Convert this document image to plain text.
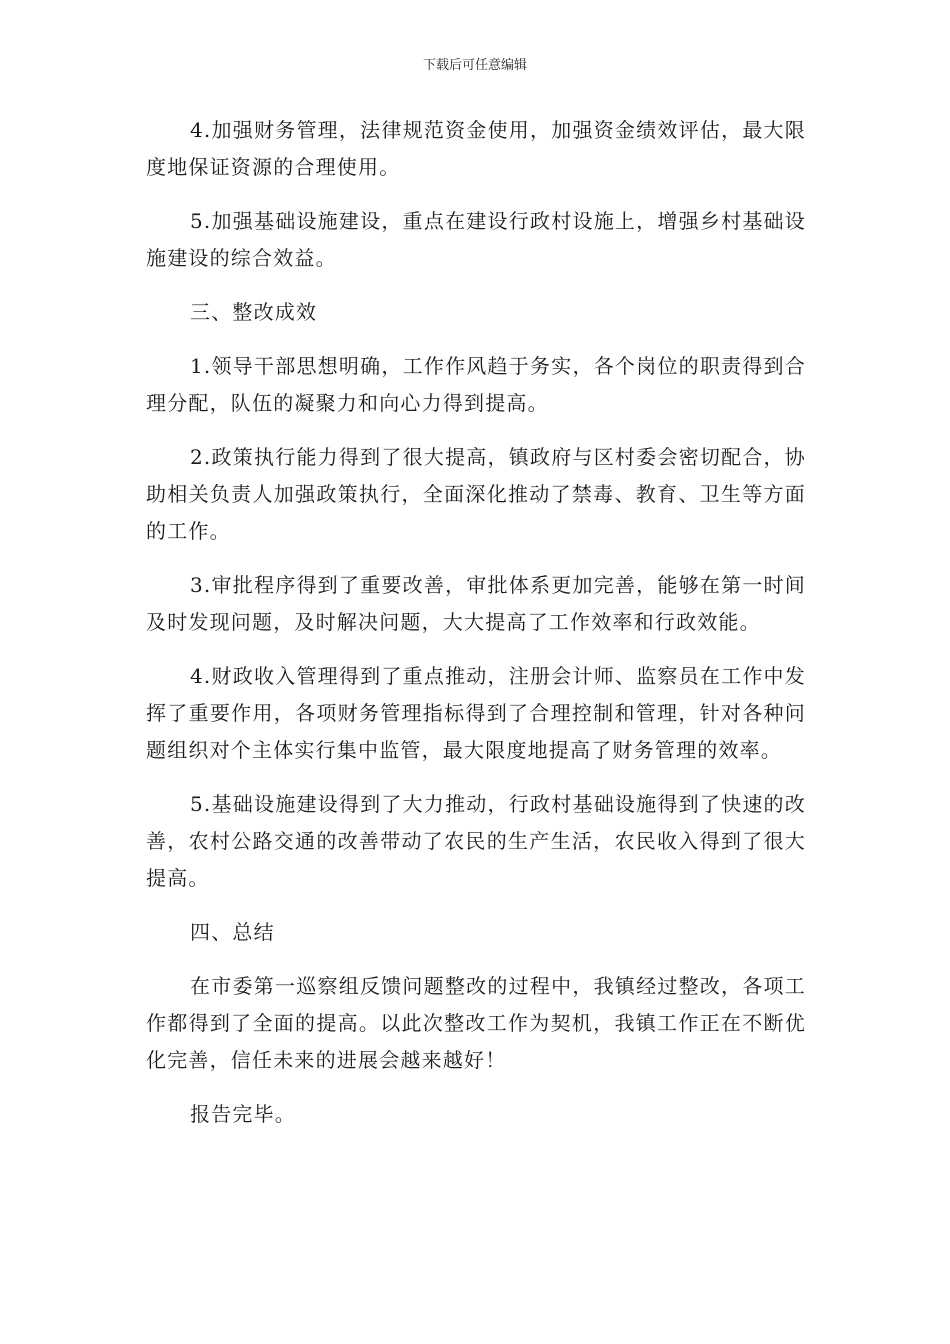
下载后可任意编辑

4.加强财务管理，法律规范资金使用，加强资金绩效评估，最大限度地保证资源的合理使用。

5.加强基础设施建设，重点在建设行政村设施上，增强乡村基础设施建设的综合效益。

三、整改成效

1.领导干部思想明确，工作作风趋于务实，各个岗位的职责得到合理分配，队伍的凝聚力和向心力得到提高。

2.政策执行能力得到了很大提高，镇政府与区村委会密切配合，协助相关负责人加强政策执行，全面深化推动了禁毒、教育、卫生等方面的工作。

3.审批程序得到了重要改善，审批体系更加完善，能够在第一时间及时发现问题，及时解决问题，大大提高了工作效率和行政效能。

4.财政收入管理得到了重点推动，注册会计师、监察员在工作中发挥了重要作用，各项财务管理指标得到了合理控制和管理，针对各种问题组织对个主体实行集中监管，最大限度地提高了财务管理的效率。

5.基础设施建设得到了大力推动，行政村基础设施得到了快速的改善，农村公路交通的改善带动了农民的生产生活，农民收入得到了很大提高。

四、总结

在市委第一巡察组反馈问题整改的过程中，我镇经过整改，各项工作都得到了全面的提高。以此次整改工作为契机，我镇工作正在不断优化完善，信任未来的进展会越来越好！

报告完毕。
